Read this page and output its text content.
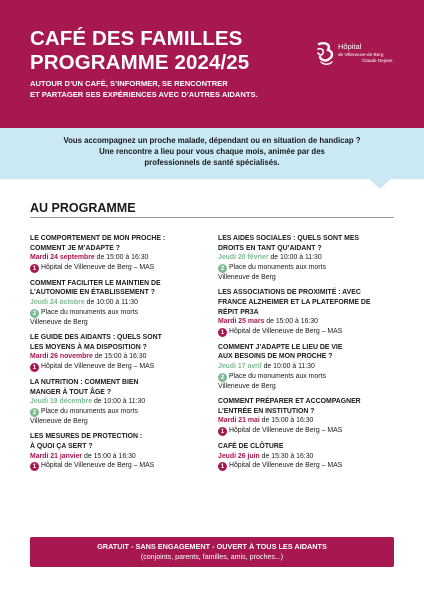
CAFÉ DES FAMILLES
PROGRAMME 2024/25
AUTOUR D’UN CAFÉ, S’INFORMER, SE RENCONTRER
ET PARTAGER SES EXPÉRIENCES AVEC D’AUTRES AIDANTS.
Hôpital
de Villeneuve-de-Berg
Claude Dejean
Vous accompagnez un proche malade, dépendant ou en situation de handicap ?
Une rencontre a lieu pour vous chaque mois, animée par des
professionnels de santé spécialisés.
AU PROGRAMME
LE COMPORTEMENT DE MON PROCHE :
COMMENT JE M’ADAPTE ?
Mardi 24 septembre de 15:00 à 16:30
1 Hôpital de Villeneuve de Berg – MAS
COMMENT FACILITER LE MAINTIEN DE
L’AUTONOMIE EN ÉTABLISSEMENT ?
Jeudi 24 octobre de 10:00 à 11:30
2 Place du monuments aux morts
Villeneuve de Berg
LE GUIDE DES AIDANTS : QUELS SONT
LES MOYENS À MA DISPOSITION ?
Mardi 26 novembre de 15:00 à 16:30
1 Hôpital de Villeneuve de Berg – MAS
LA NUTRITION : COMMENT BIEN
MANGER À TOUT ÂGE ?
Jeudi 19 décembre de 10:00 à 11:30
2 Place du monuments aux morts
Villeneuve de Berg
LES MESURES DE PROTECTION :
À QUOI ÇA SERT ?
Mardi 21 janvier de 15:00 à 16:30
1 Hôpital de Villeneuve de Berg – MAS
LES AIDES SOCIALES : QUELS SONT MES
DROITS EN TANT QU’AIDANT ?
Jeudi 20 février de 10:00 à 11:30
2 Place du monuments aux morts
Villeneuve de Berg
LES ASSOCIATIONS DE PROXIMITÉ : AVEC
FRANCE ALZHEIMER ET LA PLATEFORME DE
RÉPIT PR3A
Mardi 25 mars de 15:00 à 16:30
1 Hôpital de Villeneuve de Berg – MAS
COMMENT J’ADAPTE LE LIEU DE VIE
AUX BESOINS DE MON PROCHE ?
Jeudi 17 avril de 10:00 à 11:30
2 Place du monuments aux morts
Villeneuve de Berg
COMMENT PRÉPARER ET ACCOMPAGNER
L’ENTRÉE EN INSTITUTION ?
Mardi 21 mai de 15:00 à 16:30
1 Hôpital de Villeneuve de Berg – MAS
CAFÉ DE CLÔTURE
Jeudi 26 juin de 15:30 à 16:30
1 Hôpital de Villeneuve de Berg – MAS
GRATUIT - SANS ENGAGEMENT - OUVERT À TOUS LES AIDANTS
(conjoints, parents, familles, amis, proches...)
